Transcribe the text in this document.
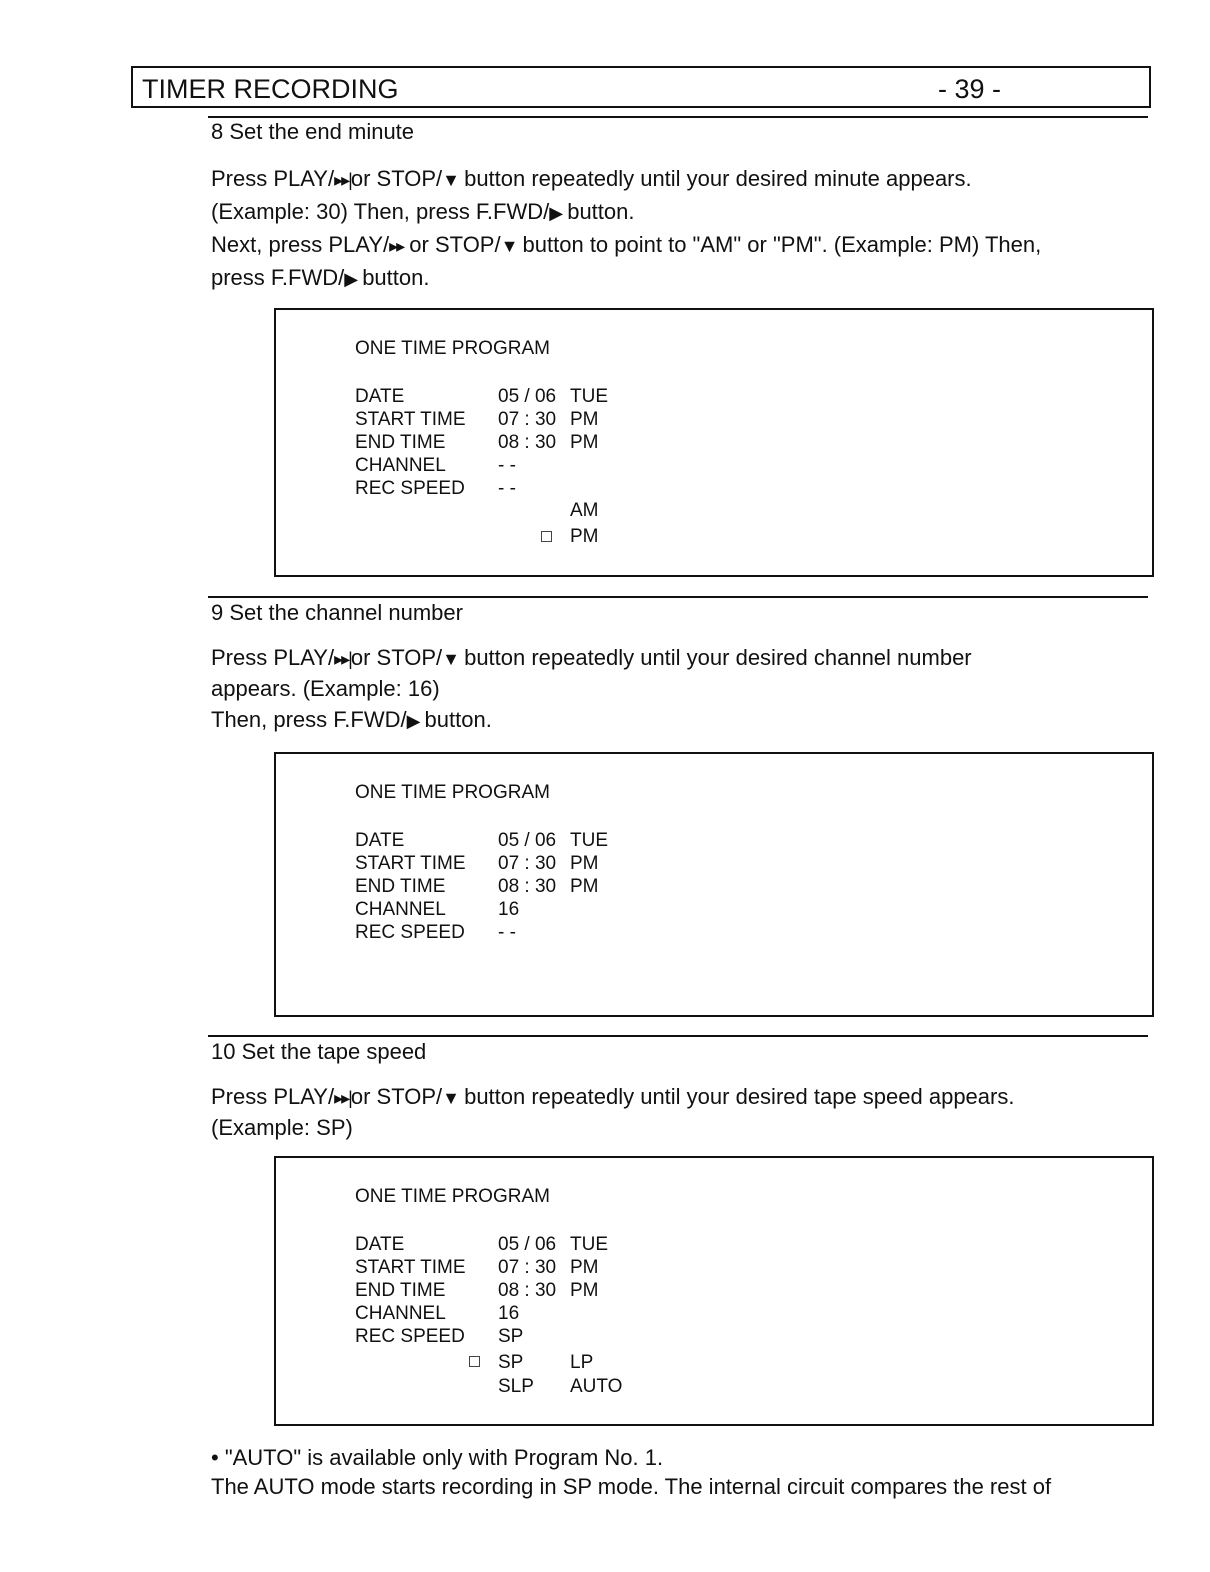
TIMER RECORDING	- 39 -
8 Set the end minute

Press PLAY/▸▸|or STOP/▼ button repeatedly until your desired minute appears.

(Example: 30) Then, press F.FWD/▶ button.

Next, press PLAY/▸▸ or STOP/▼ button to point to "AM" or "PM". (Example: PM) Then,

press F.FWD/▶ button.

ONE TIME PROGRAM
DATE	05 / 06 TUE
START TIME 07 : 30 PM
END TIME	08 : 30 PM
CHANNEL	- -
REC SPEED - -
AM
PM
9 Set the channel number

Press PLAY/▸▸|or STOP/▼ button repeatedly until your desired channel number

appears. (Example: 16)

Then, press F.FWD/▶ button.

ONE TIME PROGRAM
DATE	05 / 06 TUE
START TIME 07 : 30 PM
END TIME	08 : 30 PM
CHANNEL	16
REC SPEED - -
10 Set the tape speed

Press PLAY/▸▸|or STOP/▼ button repeatedly until your desired tape speed appears.

(Example: SP)

ONE TIME PROGRAM
DATE	05 / 06 TUE
START TIME 07 : 30 PM
END TIME	08 : 30 PM
CHANNEL	16
REC SPEED SP
SP LP
SLP AUTO

• "AUTO" is available only with Program No. 1.

The AUTO mode starts recording in SP mode. The internal circuit compares the rest of
